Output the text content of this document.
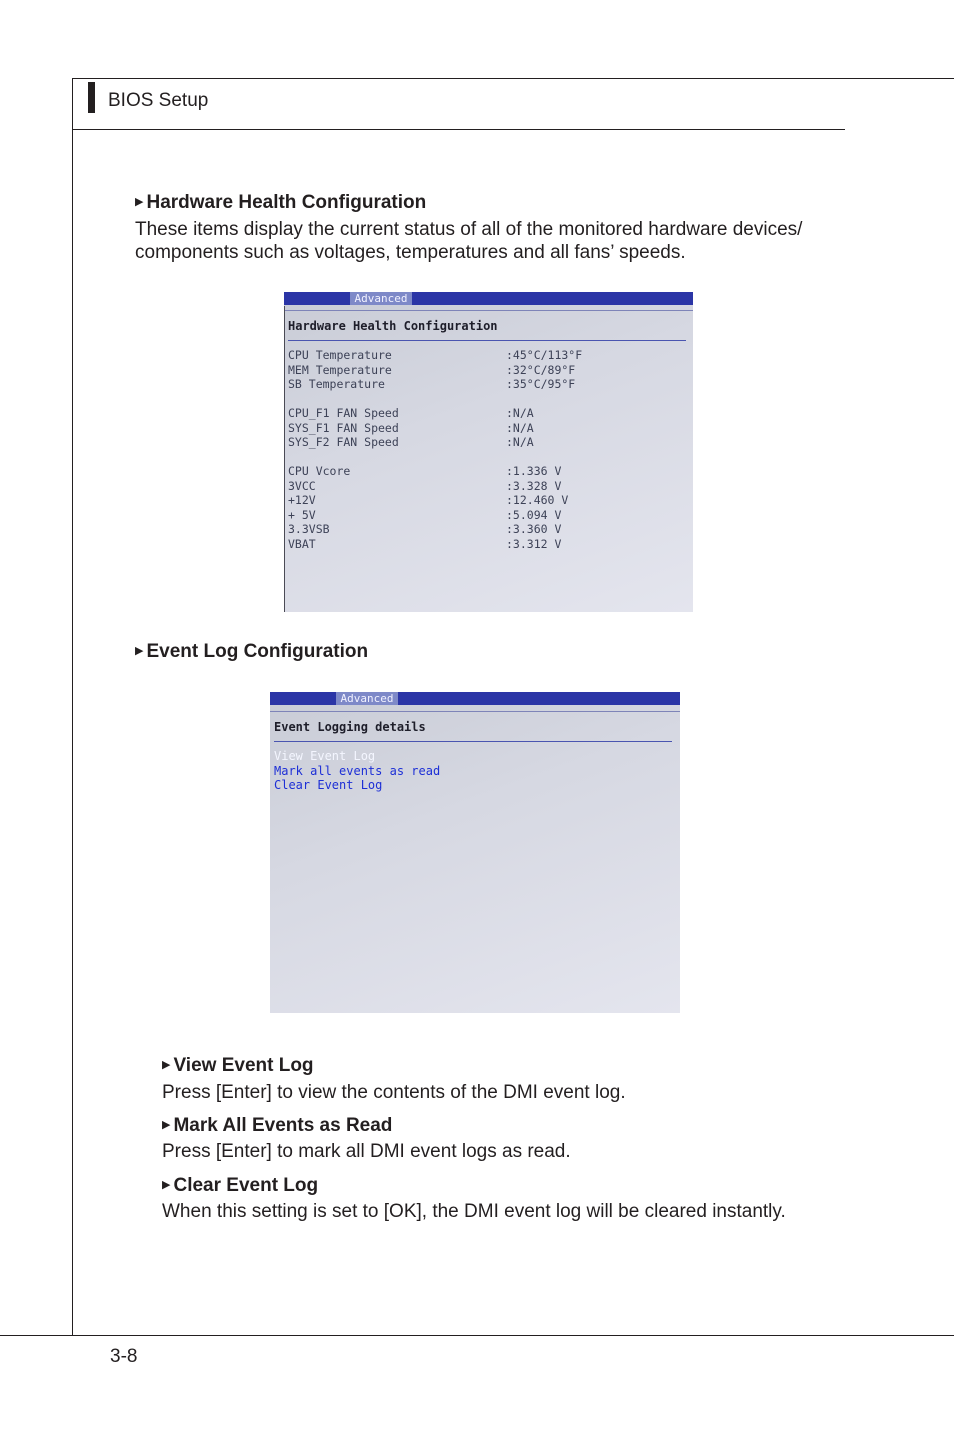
BIOS Setup
▶ Hardware Health Configuration
These items display the current status of all of the monitored hardware devices/
components such as voltages, temperatures and all fans’ speeds.
Advanced
Hardware Health Configuration
CPU Temperature	:45°C/113°F
MEM Temperature	:32°C/89°F
SB Temperature	:35°C/95°F
CPU_F1 FAN Speed	:N/A
SYS_F1 FAN Speed	:N/A
SYS_F2 FAN Speed	:N/A
CPU Vcore	:1.336 V
3VCC	:3.328 V
+12V	:12.460 V
+ 5V	:5.094 V
3.3VSB	:3.360 V
VBAT	:3.312 V
▶ Event Log Configuration
Advanced
Event Logging details
View Event Log
Mark all events as read
Clear Event Log
▶ View Event Log
Press [Enter] to view the contents of the DMI event log.
▶ Mark All Events as Read
Press [Enter] to mark all DMI event logs as read.
▶ Clear Event Log
When this setting is set to [OK], the DMI event log will be cleared instantly.
3-8
